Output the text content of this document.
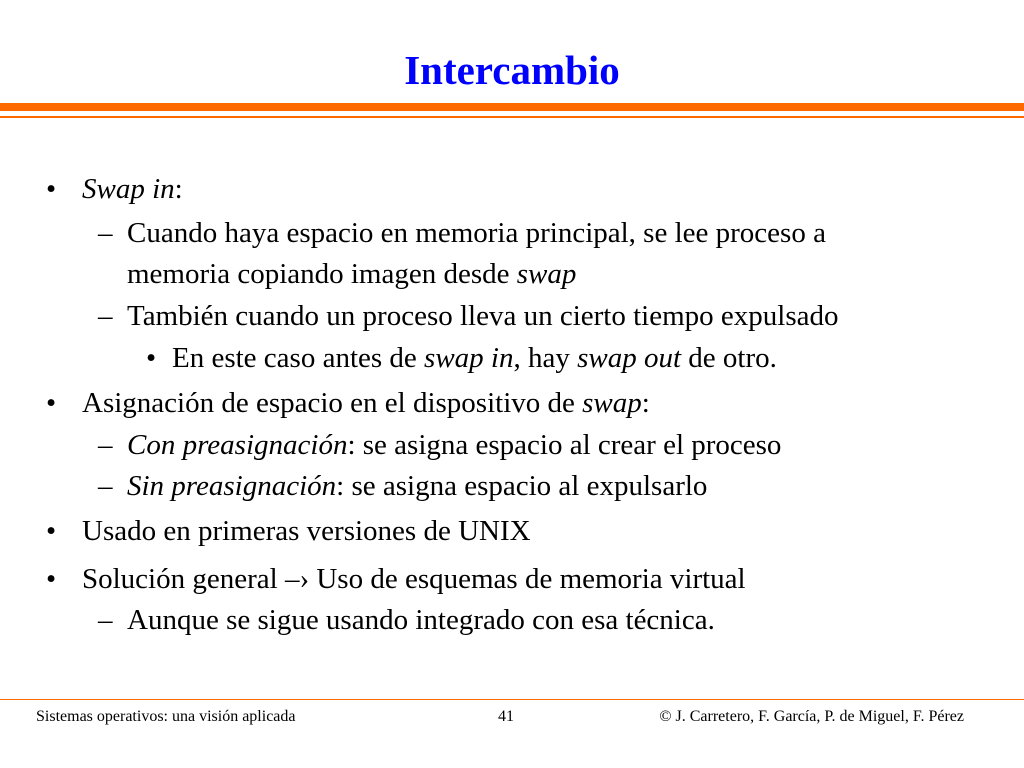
Intercambio
• Swap in:
– Cuando haya espacio en memoria principal, se lee proceso a
memoria copiando imagen desde swap
– También cuando un proceso lleva un cierto tiempo expulsado
• En este caso antes de swap in, hay swap out de otro.
• Asignación de espacio en el dispositivo de swap:
– Con preasignación: se asigna espacio al crear el proceso
– Sin preasignación: se asigna espacio al expulsarlo
• Usado en primeras versiones de UNIX
• Solución general –› Uso de esquemas de memoria virtual
– Aunque se sigue usando integrado con esa técnica.
Sistemas operativos: una visión aplicada	41	© J. Carretero, F. García, P. de Miguel, F. Pérez
